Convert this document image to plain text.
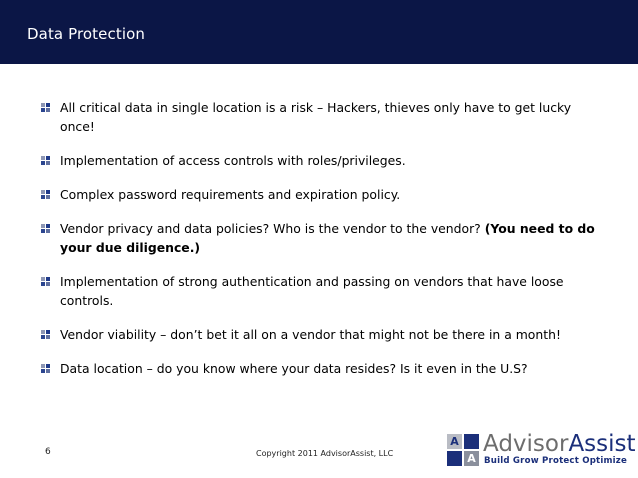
Data Protection
All critical data in single location is a risk – Hackers, thieves only have to get lucky once!
Implementation of access controls with roles/privileges.
Complex password requirements and expiration policy.
Vendor privacy and data policies? Who is the vendor to the vendor? (You need to do your due diligence.)
Implementation of strong authentication and passing on vendors that have loose controls.
Vendor viability – don’t bet it all on a vendor that might not be there in a month!
Data location – do you know where your data resides? Is it even in the U.S?
6	Copyright 2011 AdvisorAssist, LLC
A
A
AdvisorAssist
Build Grow Protect Optimize
